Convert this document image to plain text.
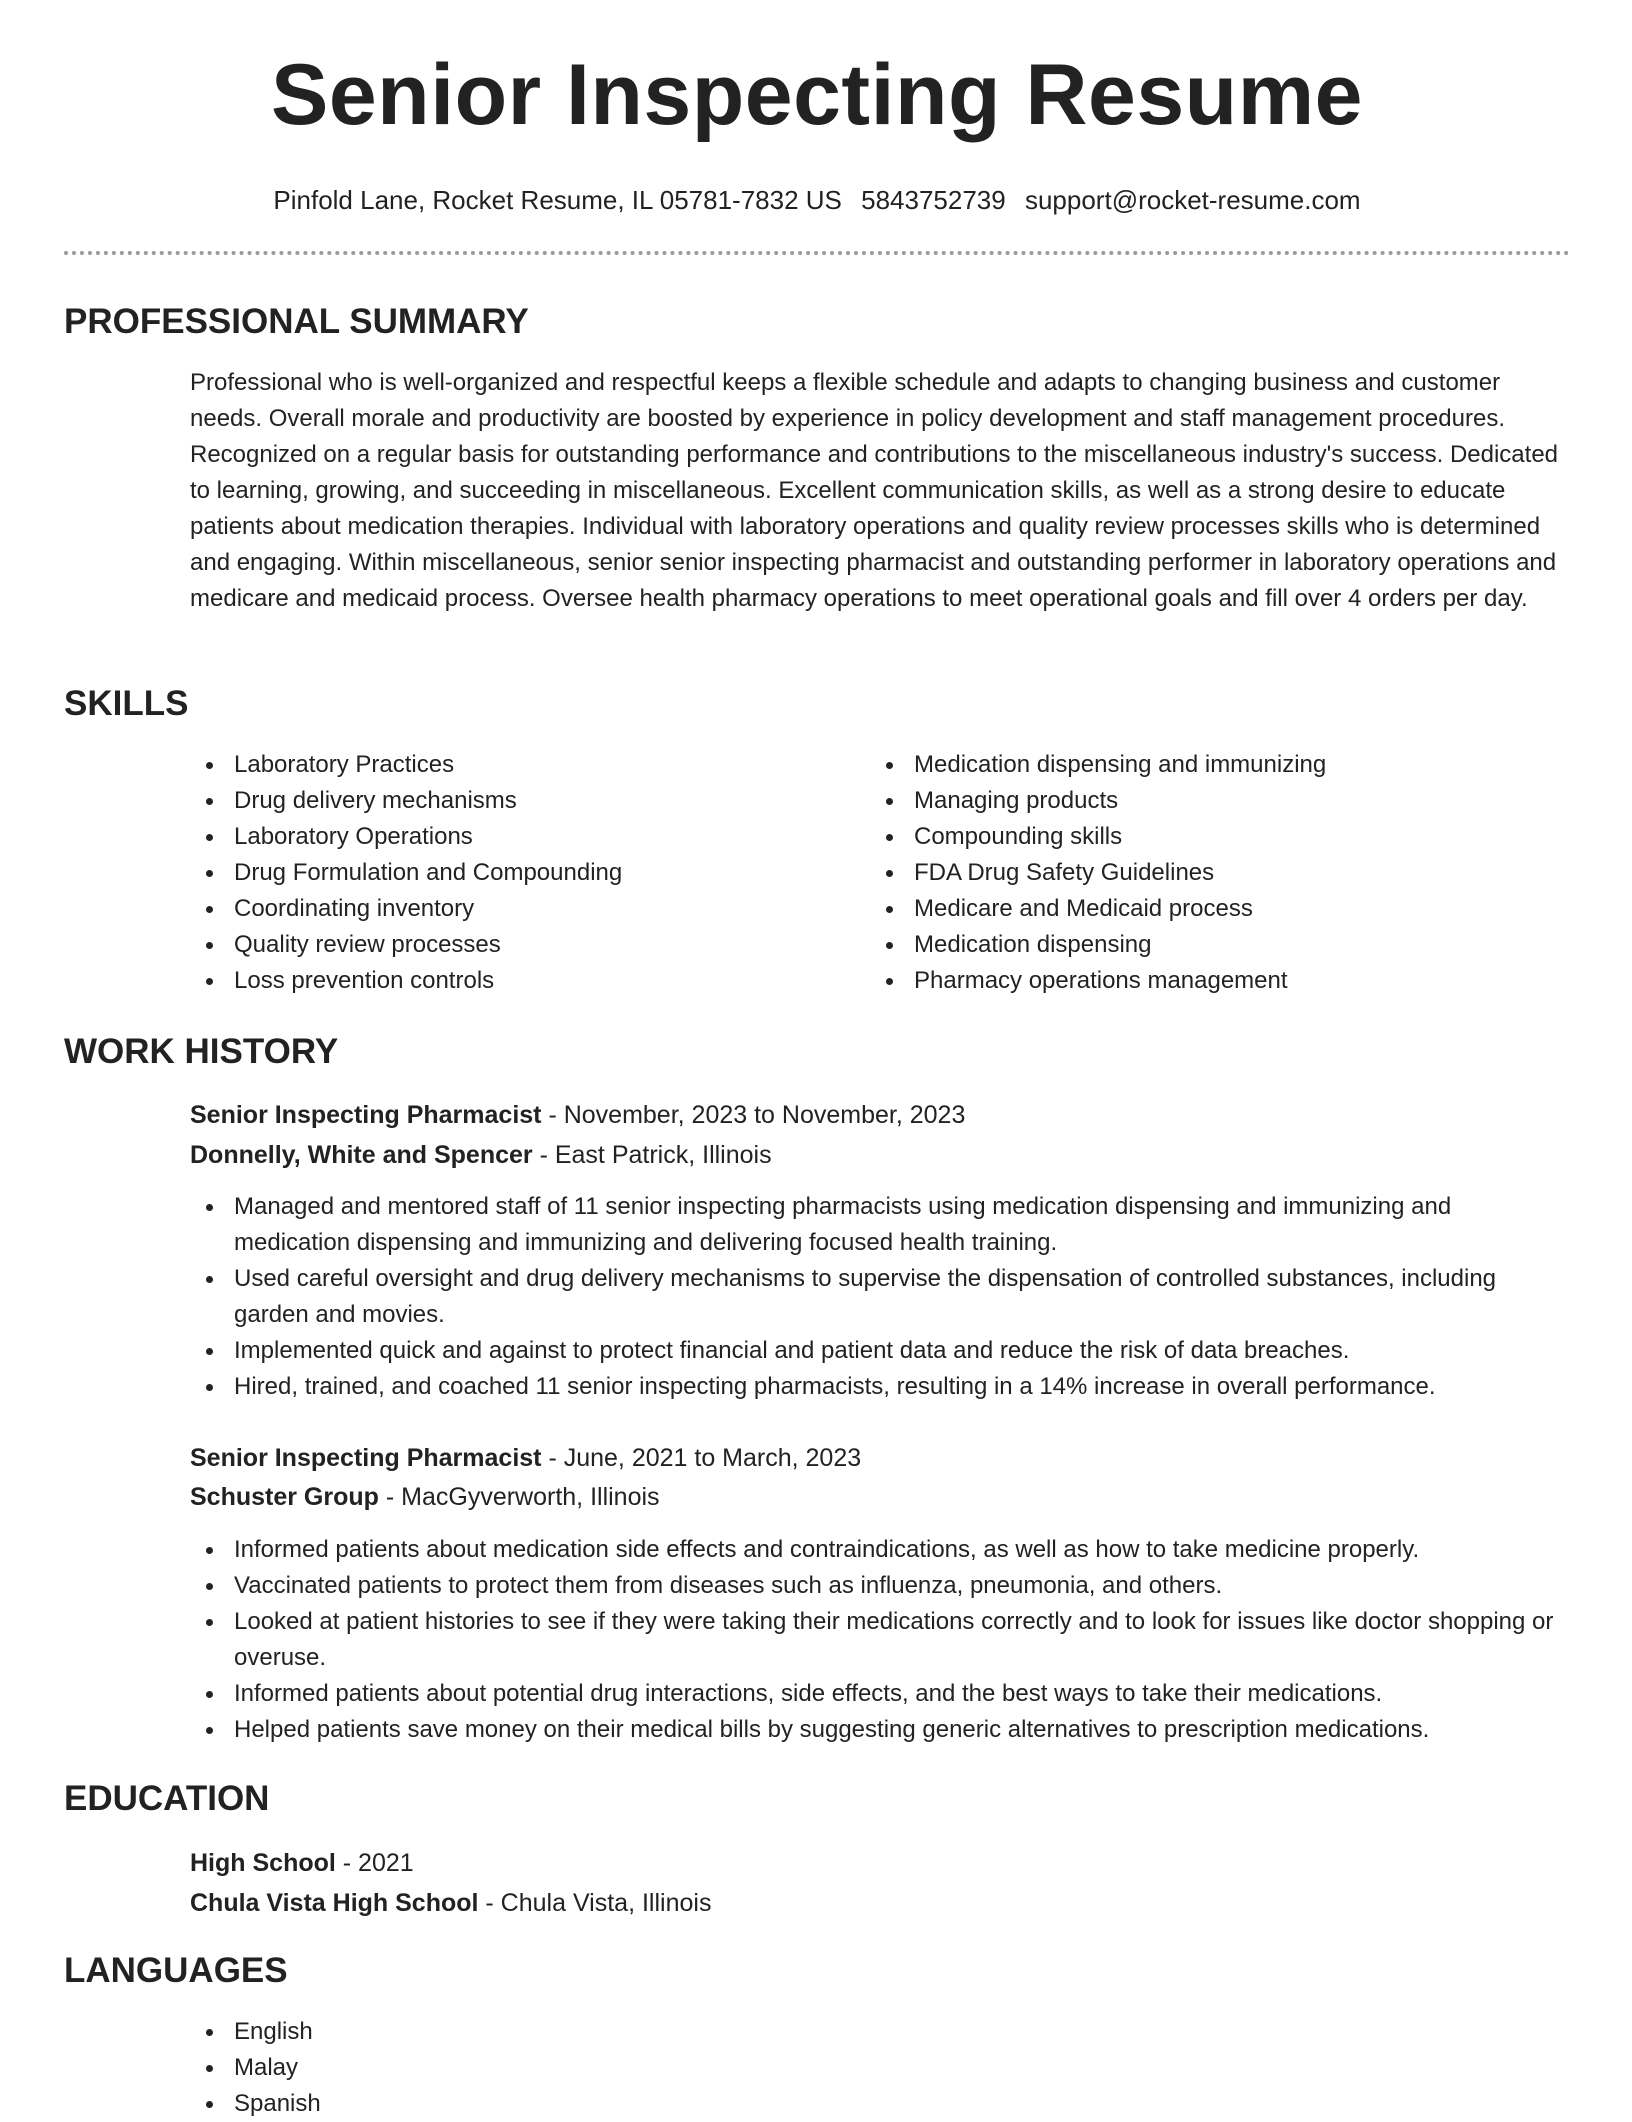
Senior Inspecting Resume
Pinfold Lane, Rocket Resume, IL 05781-7832 US 5843752739 support@rocket-resume.com
PROFESSIONAL SUMMARY

Professional who is well-organized and respectful keeps a flexible schedule and adapts to changing business and customer needs. Overall morale and productivity are boosted by experience in policy development and staff management procedures. Recognized on a regular basis for outstanding performance and contributions to the miscellaneous industry's success. Dedicated to learning, growing, and succeeding in miscellaneous. Excellent communication skills, as well as a strong desire to educate patients about medication therapies. Individual with laboratory operations and quality review processes skills who is determined and engaging. Within miscellaneous, senior senior inspecting pharmacist and outstanding performer in laboratory operations and medicare and medicaid process. Oversee health pharmacy operations to meet operational goals and fill over 4 orders per day.

SKILLS
Laboratory Practices
Drug delivery mechanisms
Laboratory Operations
Drug Formulation and Compounding
Coordinating inventory
Quality review processes
Loss prevention controls
Medication dispensing and immunizing
Managing products
Compounding skills
FDA Drug Safety Guidelines
Medicare and Medicaid process
Medication dispensing
Pharmacy operations management
WORK HISTORY
Senior Inspecting Pharmacist - November, 2023 to November, 2023
Donnelly, White and Spencer - East Patrick, Illinois
Managed and mentored staff of 11 senior inspecting pharmacists using medication dispensing and immunizing and medication dispensing and immunizing and delivering focused health training.
Used careful oversight and drug delivery mechanisms to supervise the dispensation of controlled substances, including garden and movies.
Implemented quick and against to protect financial and patient data and reduce the risk of data breaches.
Hired, trained, and coached 11 senior inspecting pharmacists, resulting in a 14% increase in overall performance.
Senior Inspecting Pharmacist - June, 2021 to March, 2023
Schuster Group - MacGyverworth, Illinois
Informed patients about medication side effects and contraindications, as well as how to take medicine properly.
Vaccinated patients to protect them from diseases such as influenza, pneumonia, and others.
Looked at patient histories to see if they were taking their medications correctly and to look for issues like doctor shopping or overuse.
Informed patients about potential drug interactions, side effects, and the best ways to take their medications.
Helped patients save money on their medical bills by suggesting generic alternatives to prescription medications.
EDUCATION
High School - 2021
Chula Vista High School - Chula Vista, Illinois
LANGUAGES
English
Malay
Spanish
